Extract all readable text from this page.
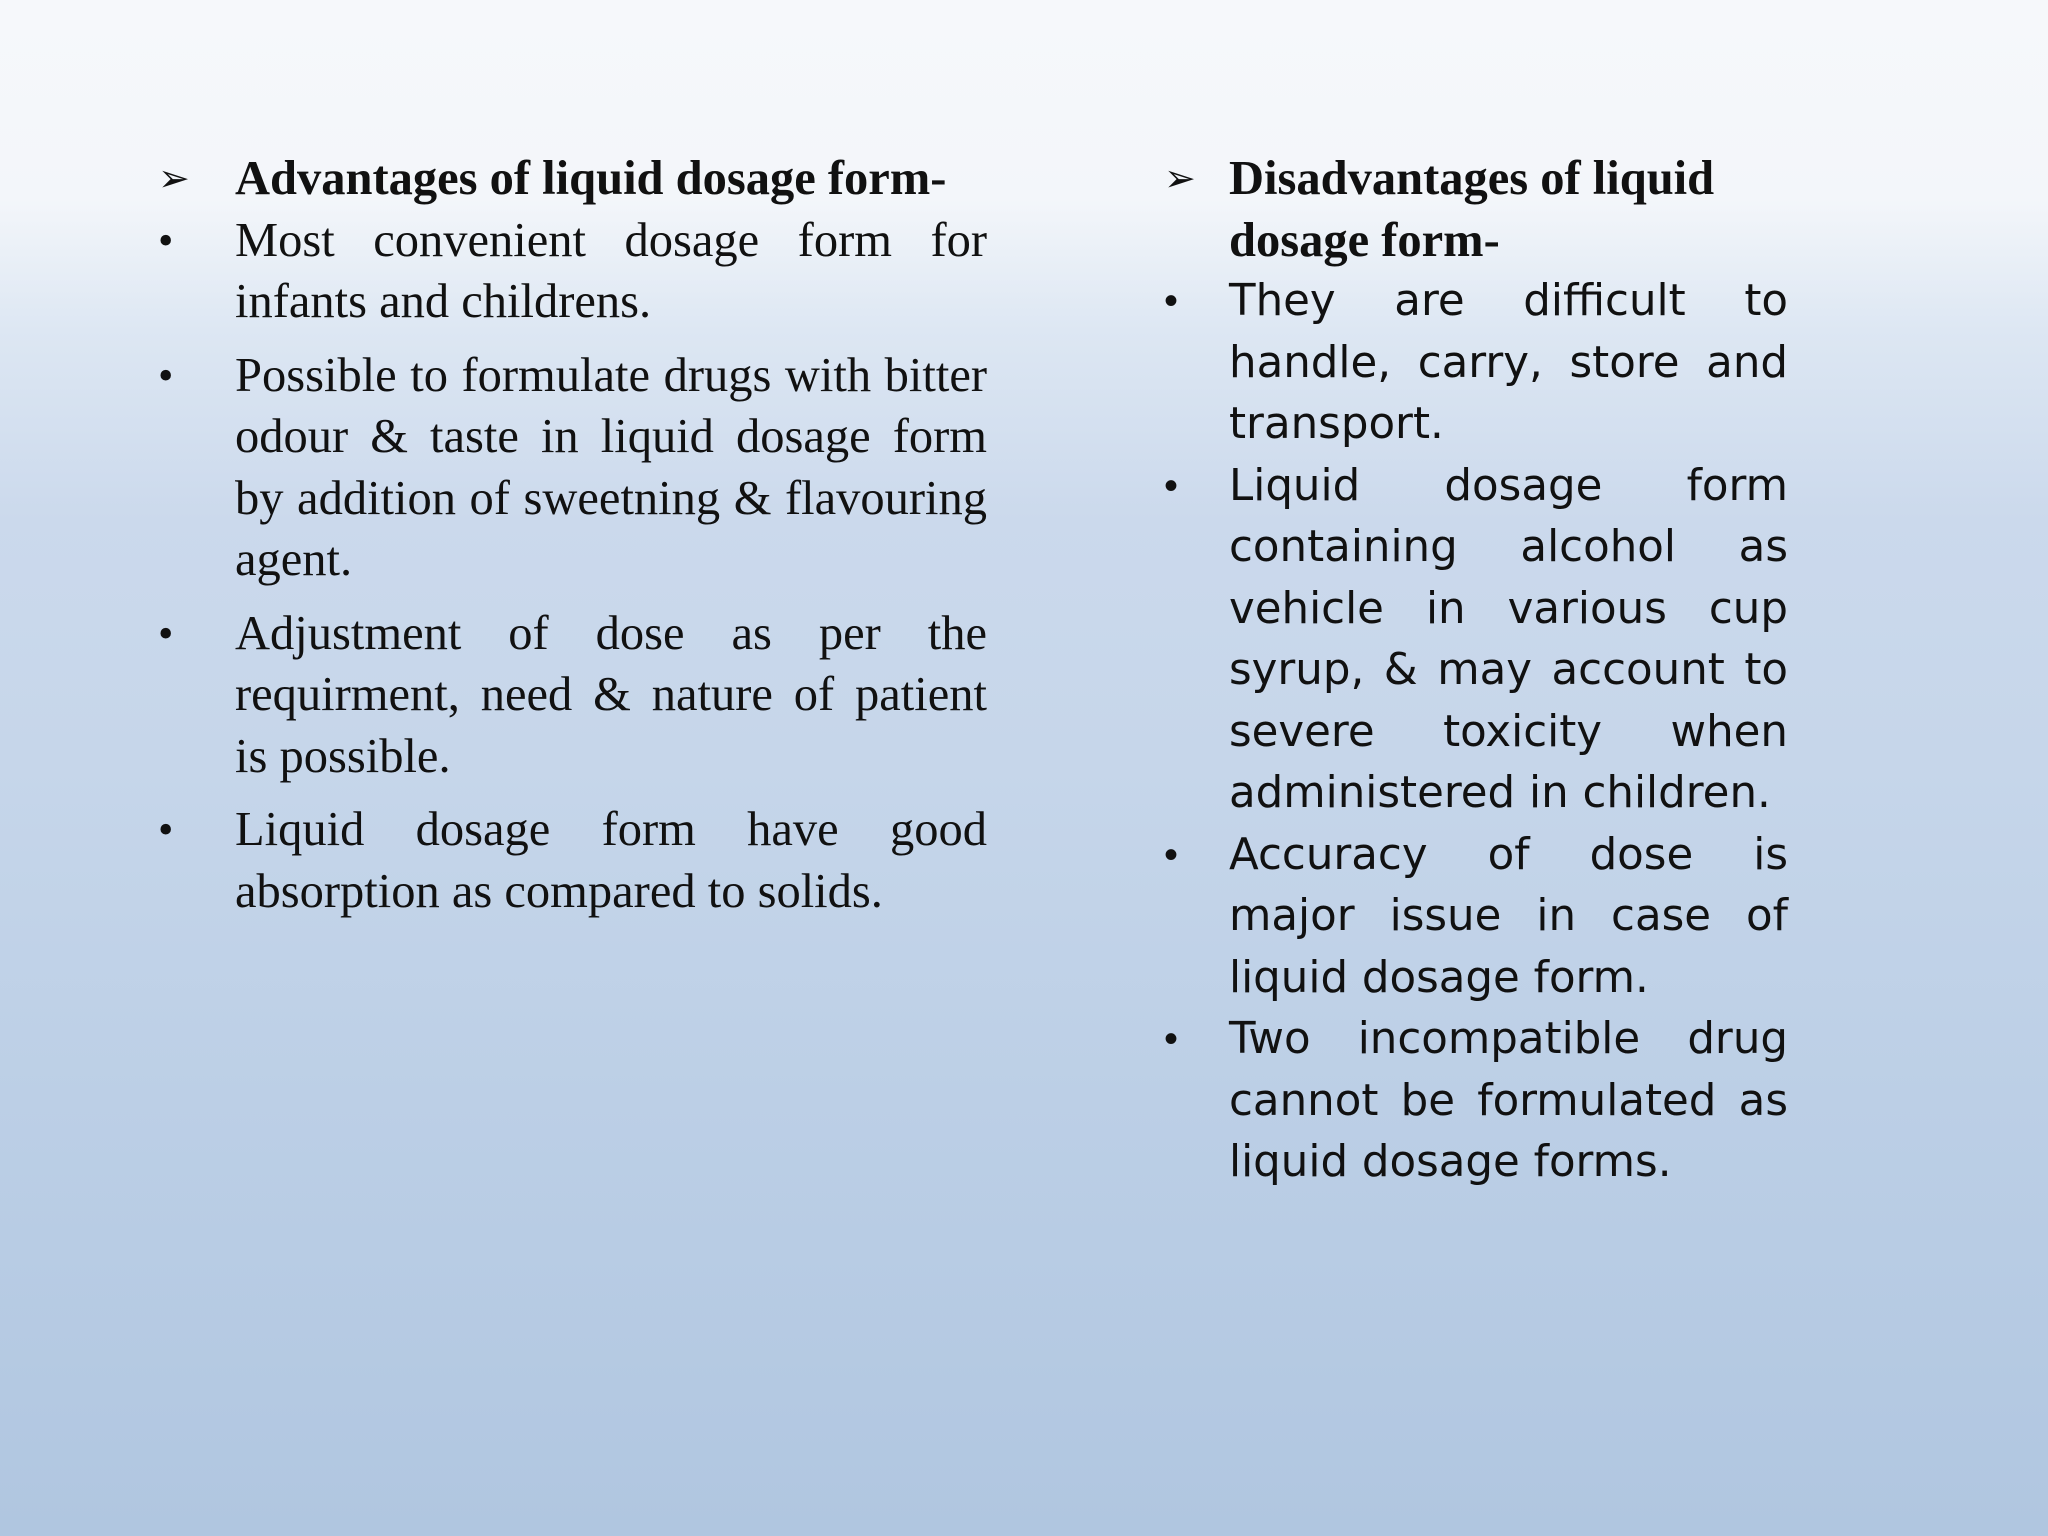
➢ Advantages of liquid dosage form-
•	Most convenient dosage form for infants and childrens.
•	Possible to formulate drugs with bitter odour & taste in liquid dosage form by addition of sweetning & flavouring agent.
•	Adjustment of dose as per the requirment, need & nature of patient is possible.
•	Liquid dosage form have good absorption as compared to solids.
➢ Disadvantages of liquid dosage form-
•	They are difficult to handle, carry, store and transport.
•	Liquid dosage form containing alcohol as vehicle in various cup syrup, & may account to severe toxicity when administered in children.
•	Accuracy of dose is major issue in case of liquid dosage form.
•	Two incompatible drug cannot be formulated as liquid dosage forms.
